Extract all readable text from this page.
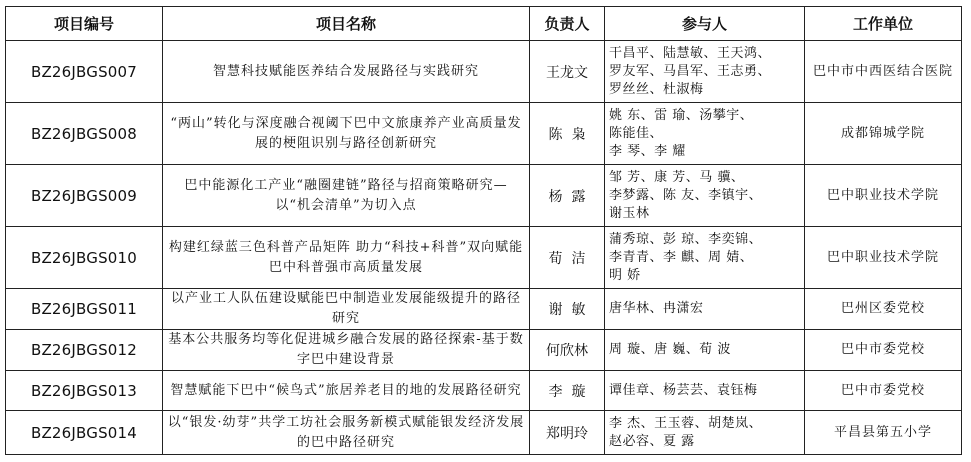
项目编号	项目名称	负责人	参与人	工作单位
BZ26JBGS007	智慧科技赋能医养结合发展路径与实践研究	王龙文	干昌平、陆慧敏、王天鸿、
罗友军、马昌军、王志勇、
罗丝丝、杜淑梅	巴中市中西医结合医院
BZ26JBGS008	“两山”转化与深度融合视阈下巴中文旅康养产业高质量发展的梗阻识别与路径创新研究	陈  枭	姚 东、雷 瑜、汤攀宇、
陈能佳、
李 琴、李 耀	成都锦城学院
BZ26JBGS009	巴中能源化工产业“融圈建链”路径与招商策略研究—以“机会清单”为切入点	杨  露	邹 芳、康 芳、马 骥、
李梦露、陈 友、李镇宇、
谢玉林	巴中职业技术学院
BZ26JBGS010	构建红绿蓝三色科普产品矩阵 助力“科技+科普”双向赋能巴中科普强市高质量发展	荀  洁	蒲秀琼、彭 琼、李奕锦、
李青青、李 麒、周 婧、
明 娇	巴中职业技术学院
BZ26JBGS011	以产业工人队伍建设赋能巴中制造业发展能级提升的路径研究	谢  敏	唐华林、冉潇宏	巴州区委党校
BZ26JBGS012	基本公共服务均等化促进城乡融合发展的路径探索-基于数字巴中建设背景	何欣林	周 璇、唐 巍、荀 波	巴中市委党校
BZ26JBGS013	智慧赋能下巴中“候鸟式”旅居养老目的地的发展路径研究	李  璇	谭佳章、杨芸芸、袁钰梅	巴中市委党校
BZ26JBGS014	以“银发·幼芽”共学工坊社会服务新模式赋能银发经济发展的巴中路径研究	郑明玲	李 杰、王玉蓉、胡楚岚、
赵必容、夏 露	平昌县第五小学
